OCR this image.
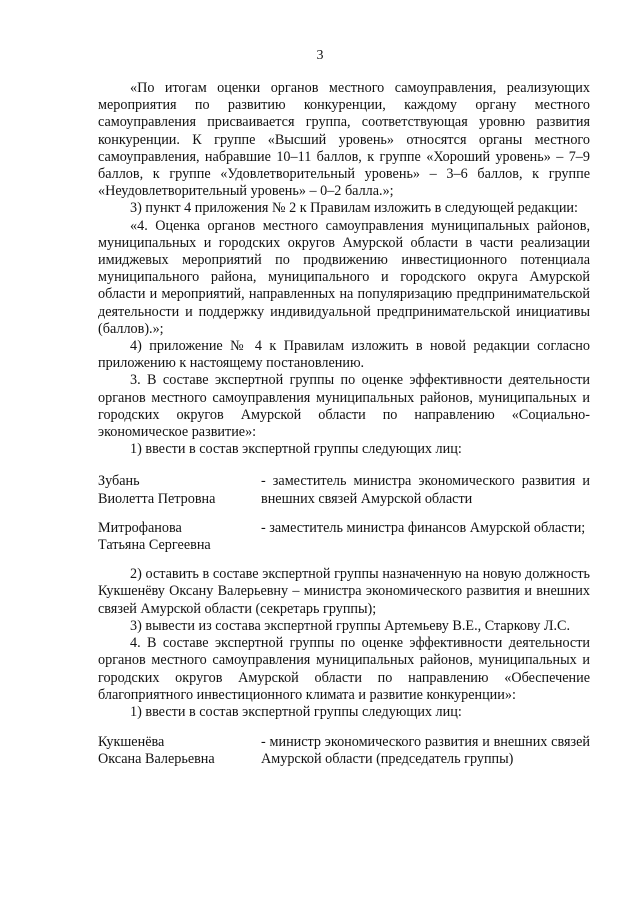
3

«По итогам оценки органов местного самоуправления, реализующих мероприятия по развитию конкуренции, каждому органу местного самоуправления присваивается группа, соответствующая уровню развития конкуренции. К группе «Высший уровень» относятся органы местного самоуправления, набравшие 10–11 баллов, к группе «Хороший уровень» – 7–9 баллов, к группе «Удовлетворительный уровень» – 3–6 баллов, к группе «Неудовлетворительный уровень» – 0–2 балла.»;

3) пункт 4 приложения № 2 к Правилам изложить в следующей редакции:

«4. Оценка органов местного самоуправления муниципальных районов, муниципальных и городских округов Амурской области в части реализации имиджевых мероприятий по продвижению инвестиционного потенциала муниципального района, муниципального и городского округа Амурской области и мероприятий, направленных на популяризацию предпринимательской деятельности и поддержку индивидуальной предпринимательской инициативы (баллов).»;

4) приложение № 4 к Правилам изложить в новой редакции согласно приложению к настоящему постановлению.

3. В составе экспертной группы по оценке эффективности деятельности органов местного самоуправления муниципальных районов, муниципальных и городских округов Амурской области по направлению «Социально-экономическое развитие»:

1) ввести в состав экспертной группы следующих лиц:

Зубань
Виолетта Петровна
- заместитель министра экономического развития и внешних связей Амурской области
Митрофанова
Татьяна Сергеевна
- заместитель министра финансов Амурской области;

2) оставить в составе экспертной группы назначенную на новую должность Кукшенёву Оксану Валерьевну – министра экономического развития и внешних связей Амурской области (секретарь группы);

3) вывести из состава экспертной группы Артемьеву В.Е., Старкову Л.С.

4. В составе экспертной группы по оценке эффективности деятельности органов местного самоуправления муниципальных районов, муниципальных и городских округов Амурской области по направлению «Обеспечение благоприятного инвестиционного климата и развитие конкуренции»:

1) ввести в состав экспертной группы следующих лиц:

Кукшенёва
Оксана Валерьевна
- министр экономического развития и внешних связей Амурской области (председатель группы)
